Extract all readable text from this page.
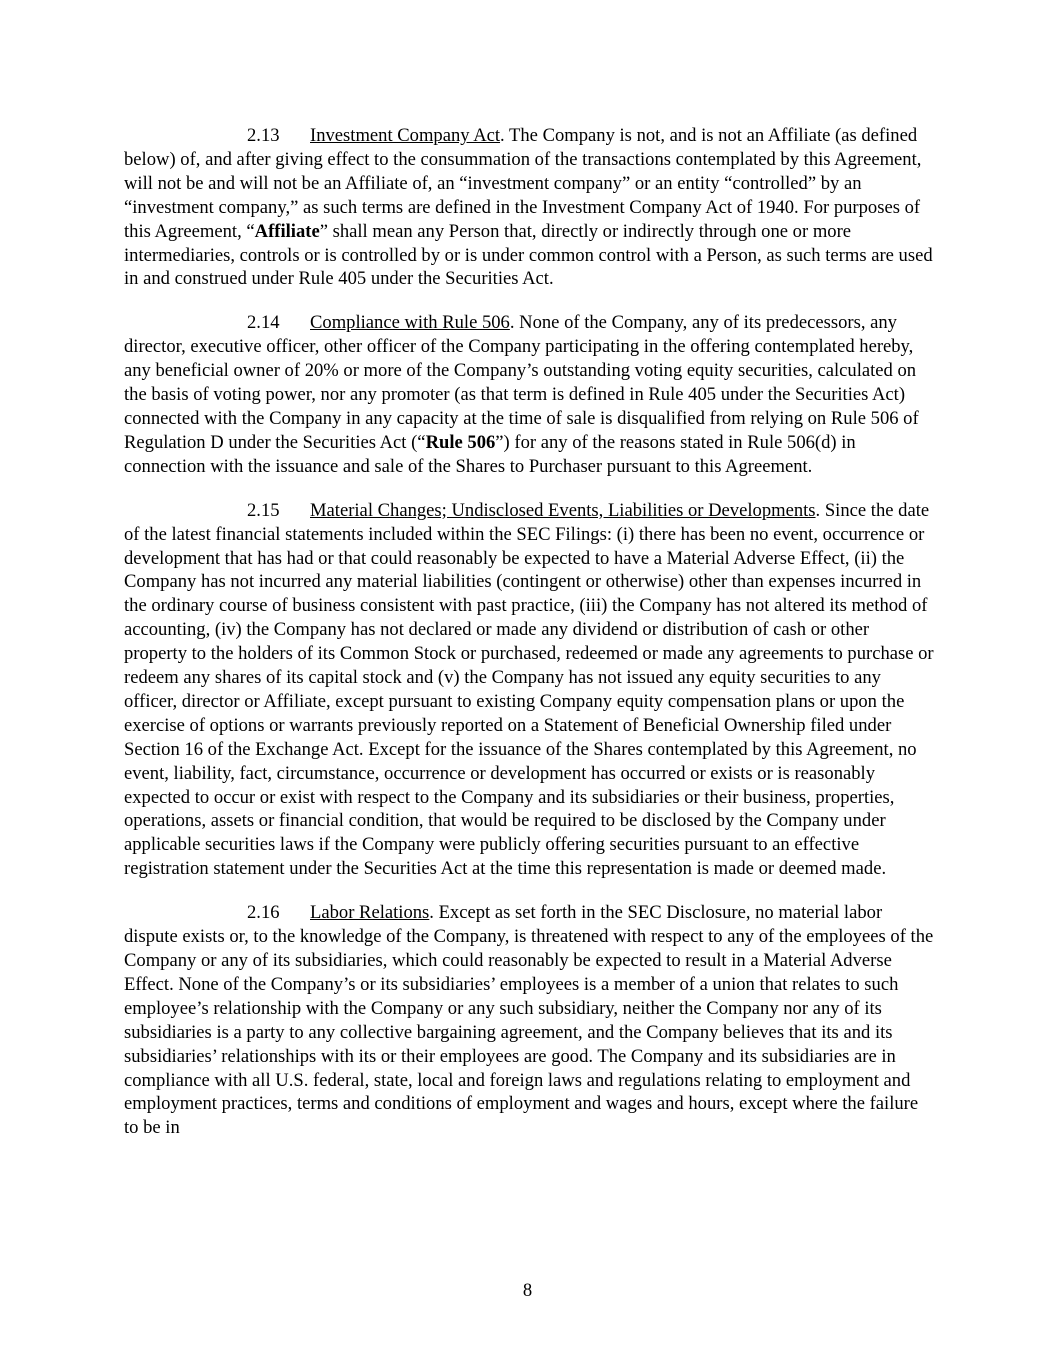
2.13 Investment Company Act. The Company is not, and is not an Affiliate (as defined below) of, and after giving effect to the consummation of the transactions contemplated by this Agreement, will not be and will not be an Affiliate of, an “investment company” or an entity “controlled” by an “investment company,” as such terms are defined in the Investment Company Act of 1940. For purposes of this Agreement, “Affiliate” shall mean any Person that, directly or indirectly through one or more intermediaries, controls or is controlled by or is under common control with a Person, as such terms are used in and construed under Rule 405 under the Securities Act.

2.14 Compliance with Rule 506. None of the Company, any of its predecessors, any director, executive officer, other officer of the Company participating in the offering contemplated hereby, any beneficial owner of 20% or more of the Company’s outstanding voting equity securities, calculated on the basis of voting power, nor any promoter (as that term is defined in Rule 405 under the Securities Act) connected with the Company in any capacity at the time of sale is disqualified from relying on Rule 506 of Regulation D under the Securities Act (“Rule 506”) for any of the reasons stated in Rule 506(d) in connection with the issuance and sale of the Shares to Purchaser pursuant to this Agreement.

2.15 Material Changes; Undisclosed Events, Liabilities or Developments. Since the date of the latest financial statements included within the SEC Filings: (i) there has been no event, occurrence or development that has had or that could reasonably be expected to have a Material Adverse Effect, (ii) the Company has not incurred any material liabilities (contingent or otherwise) other than expenses incurred in the ordinary course of business consistent with past practice, (iii) the Company has not altered its method of accounting, (iv) the Company has not declared or made any dividend or distribution of cash or other property to the holders of its Common Stock or purchased, redeemed or made any agreements to purchase or redeem any shares of its capital stock and (v) the Company has not issued any equity securities to any officer, director or Affiliate, except pursuant to existing Company equity compensation plans or upon the exercise of options or warrants previously reported on a Statement of Beneficial Ownership filed under Section 16 of the Exchange Act. Except for the issuance of the Shares contemplated by this Agreement, no event, liability, fact, circumstance, occurrence or development has occurred or exists or is reasonably expected to occur or exist with respect to the Company and its subsidiaries or their business, properties, operations, assets or financial condition, that would be required to be disclosed by the Company under applicable securities laws if the Company were publicly offering securities pursuant to an effective registration statement under the Securities Act at the time this representation is made or deemed made.

2.16 Labor Relations. Except as set forth in the SEC Disclosure, no material labor dispute exists or, to the knowledge of the Company, is threatened with respect to any of the employees of the Company or any of its subsidiaries, which could reasonably be expected to result in a Material Adverse Effect. None of the Company’s or its subsidiaries’ employees is a member of a union that relates to such employee’s relationship with the Company or any such subsidiary, neither the Company nor any of its subsidiaries is a party to any collective bargaining agreement, and the Company believes that its and its subsidiaries’ relationships with its or their employees are good. The Company and its subsidiaries are in compliance with all U.S. federal, state, local and foreign laws and regulations relating to employment and employment practices, terms and conditions of employment and wages and hours, except where the failure to be in

8
